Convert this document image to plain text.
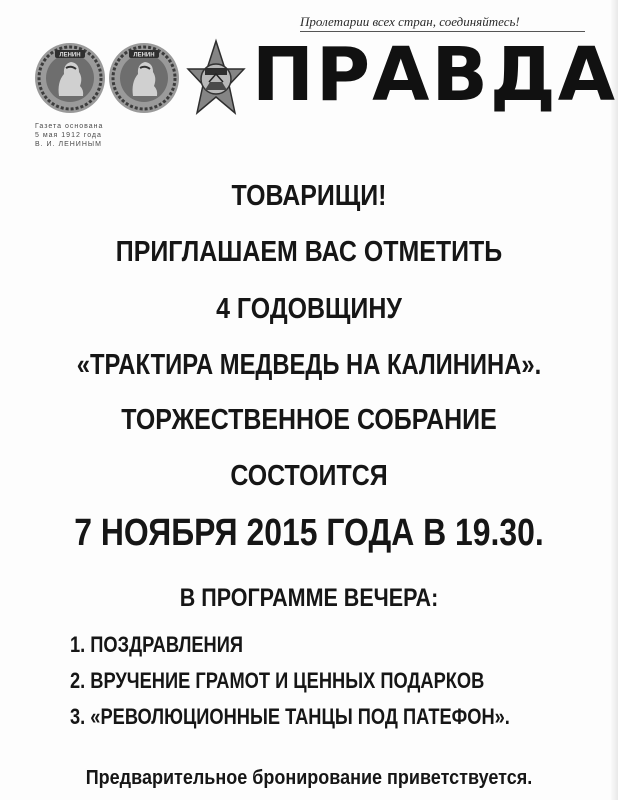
Пролетарии всех стран, соединяйтесь!
ЛЕНИН	ЛЕНИН ПРАВДА
Газета основана
5 мая 1912 года
В. И. ЛЕНИНЫМ
ТОВАРИЩИ!
ПРИГЛАШАЕМ ВАС ОТМЕТИТЬ
4 ГОДОВЩИНУ
«ТРАКТИРА МЕДВЕДЬ НА КАЛИНИНА».
ТОРЖЕСТВЕННОЕ СОБРАНИЕ
СОСТОИТСЯ
7 НОЯБРЯ 2015 ГОДА В 19.30.
В ПРОГРАММЕ ВЕЧЕРА:
1. ПОЗДРАВЛЕНИЯ
2. ВРУЧЕНИЕ ГРАМОТ И ЦЕННЫХ ПОДАРКОВ
3. «РЕВОЛЮЦИОННЫЕ ТАНЦЫ ПОД ПАТЕФОН».
Предварительное бронирование приветствуется.
